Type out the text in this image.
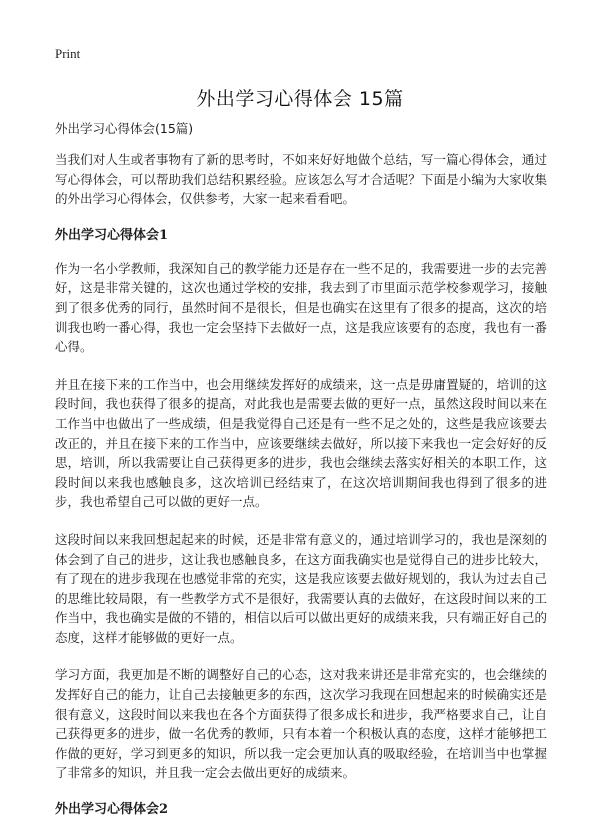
Print
外出学习心得体会 15篇

外出学习心得体会(15篇)

当我们对人生或者事物有了新的思考时，不如来好好地做个总结，写一篇心得体会，通过写心得体会，可以帮助我们总结积累经验。应该怎么写才合适呢？下面是小编为大家收集的外出学习心得体会，仅供参考，大家一起来看看吧。

外出学习心得体会1

作为一名小学教师，我深知自己的教学能力还是存在一些不足的，我需要进一步的去完善好，这是非常关键的，这次也通过学校的安排，我去到了市里面示范学校参观学习，接触到了很多优秀的同行，虽然时间不是很长，但是也确实在这里有了很多的提高，这次的培训我也哟一番心得，我也一定会坚持下去做好一点，这是我应该要有的态度，我也有一番心得。

并且在接下来的工作当中，也会用继续发挥好的成绩来，这一点是毋庸置疑的，培训的这段时间，我也获得了很多的提高，对此我也是需要去做的更好一点，虽然这段时间以来在工作当中也做出了一些成绩，但是我觉得自己还是有一些不足之处的，这些是我应该要去改正的，并且在接下来的工作当中，应该要继续去做好，所以接下来我也一定会好好的反思，培训，所以我需要让自己获得更多的进步，我也会继续去落实好相关的本职工作，这段时间以来我也感触良多，这次培训已经结束了，在这次培训期间我也得到了很多的进步，我也希望自己可以做的更好一点。

这段时间以来我回想起起来的时候，还是非常有意义的，通过培训学习的，我也是深刻的体会到了自己的进步，这让我也感触良多，在这方面我确实也是觉得自己的进步比较大，有了现在的进步我现在也感觉非常的充实，这是我应该要去做好规划的，我认为过去自己的思维比较局限，有一些教学方式不是很好，我需要认真的去做好，在这段时间以来的工作当中，我也确实是做的不错的，相信以后可以做出更好的成绩来我，只有端正好自己的态度，这样才能够做的更好一点。

学习方面，我更加是不断的调整好自己的心态，这对我来讲还是非常充实的，也会继续的发挥好自己的能力，让自己去接触更多的东西，这次学习我现在回想起来的时候确实还是很有意义，这段时间以来我也在各个方面获得了很多成长和进步，我严格要求自己，让自己获得更多的进步，做一名优秀的教师，只有本着一个积极认真的态度，这样才能够把工作做的更好，学习到更多的知识，所以我一定会更加认真的吸取经验，在培训当中也掌握了非常多的知识，并且我一定会去做出更好的成绩来。

外出学习心得体会2
